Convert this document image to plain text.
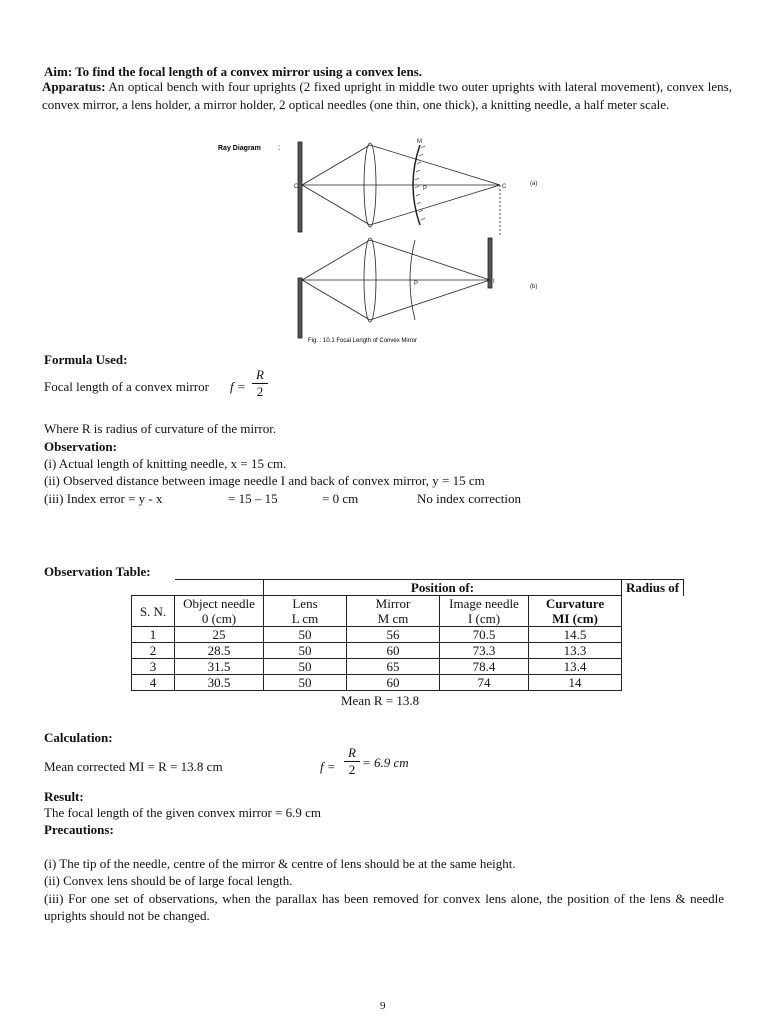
Aim: To find the focal length of a convex mirror using a convex lens.
Apparatus: An optical bench with four uprights (2 fixed upright in middle two outer uprights with lateral movement), convex lens, convex mirror, a lens holder, a mirror holder, 2 optical needles (one thin, one thick), a knitting needle, a half meter scale.
Ray Diagram :
O	P	C
M
(a)
P	I
(b)
Fig. : 10.1 Focal Length of Convex Mirror
Formula Used:
Focal length of a convex mirror $f = \frac{R}{2}$
Where R is radius of curvature of the mirror.
Observation:
(i) Actual length of knitting needle, x = 15 cm.
(ii) Observed distance between image needle I and back of convex mirror, y = 15 cm
(iii) Index error = y - x	= 15 – 15	= 0 cm	No index correction
Observation Table:
		Position of:				Radius of
S. N.	Object needle	Lens	Mirror	Image needle	Curvature	
	0 (cm)	L cm	M cm	I (cm)	MI (cm)	
1	25	50	56	70.5	14.5	
2	28.5	50	60	73.3	13.3	
3	31.5	50	65	78.4	13.4	
4	30.5	50	60	74	14	
Mean R = 13.8
Calculation:
Mean corrected MI = R = 13.8 cm	$f = \frac{R}{2} = 6.9$ cm
Result:
The focal length of the given convex mirror = 6.9 cm
Precautions:
(i) The tip of the needle, centre of the mirror & centre of lens should be at the same height.
(ii) Convex lens should be of large focal length.
(iii) For one set of observations, when the parallax has been removed for convex lens alone, the position of the lens & needle uprights should not be changed.
9
